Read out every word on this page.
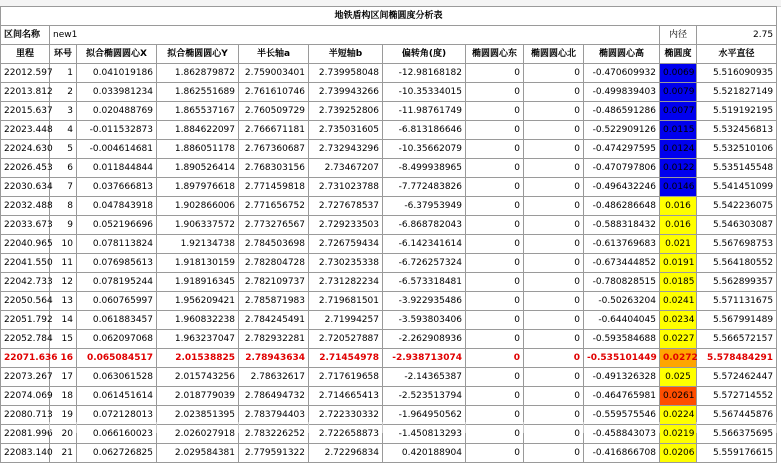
地铁盾构区间椭圆度分析表											
区间名称	new1									内径	2.75
里程	环号	拟合椭圆圆心X	拟合椭圆圆心Y	半长轴a	半短轴b	偏转角(度)	椭圆圆心东	椭圆圆心北	椭圆圆心高	椭圆度	水平直径
22012.597	1	0.041019186	1.862879872	2.759003401	2.739958048	-12.98168182	0	0	-0.470609932	0.0069	5.516090935
22013.812	2	0.033981234	1.862551689	2.761610746	2.739943266	-10.35334015	0	0	-0.499839403	0.0079	5.521827149
22015.637	3	0.020488769	1.865537167	2.760509729	2.739252806	-11.98761749	0	0	-0.486591286	0.0077	5.519192195
22023.448	4	-0.011532873	1.884622097	2.766671181	2.735031605	-6.813186646	0	0	-0.522909126	0.0115	5.532456813
22024.630	5	-0.004614681	1.886051178	2.767360687	2.732943296	-10.35662079	0	0	-0.474297595	0.0124	5.532510106
22026.453	6	0.011844844	1.890526414	2.768303156	2.73467207	-8.499938965	0	0	-0.470797806	0.0122	5.535145548
22030.634	7	0.037666813	1.897976618	2.771459818	2.731023788	-7.772483826	0	0	-0.496432246	0.0146	5.541451099
22032.488	8	0.047843918	1.902866006	2.771656752	2.727678537	-6.37953949	0	0	-0.486286648	0.016	5.542236075
22033.673	9	0.052196696	1.906337572	2.773276567	2.729233503	-6.868782043	0	0	-0.588318432	0.016	5.546303087
22040.965	10	0.078113824	1.92134738	2.784503698	2.726759434	-6.142341614	0	0	-0.613769683	0.021	5.567698753
22041.550	11	0.076985613	1.918130159	2.782804728	2.730235338	-6.726257324	0	0	-0.673444852	0.0191	5.564180552
22042.733	12	0.078195244	1.918916345	2.782109737	2.731282234	-6.573318481	0	0	-0.780828515	0.0185	5.562899357
22050.564	13	0.060765997	1.956209421	2.785871983	2.719681501	-3.922935486	0	0	-0.50263204	0.0241	5.571131675
22051.792	14	0.061883457	1.960832238	2.784245491	2.71994257	-3.593803406	0	0	-0.64404045	0.0234	5.567991489
22052.784	15	0.062097068	1.963237047	2.782932281	2.720527887	-2.262908936	0	0	-0.593584688	0.0227	5.566572157
22071.636	16	0.065084517	2.01538825	2.78943634	2.71454978	-2.938713074	0	0	-0.535101449	0.0272	5.578484291
22073.267	17	0.063061528	2.015743256	2.78632617	2.717619658	-2.14365387	0	0	-0.491326328	0.025	5.572462447
22074.069	18	0.061451614	2.018779039	2.786494732	2.714665413	-2.523513794	0	0	-0.464765981	0.0261	5.572714552
22080.713	19	0.072128013	2.023851395	2.783794403	2.722330332	-1.964950562	0	0	-0.559575546	0.0224	5.567445876
22081.996	20	0.066160023	2.026027918	2.783226252	2.722658873	-1.450813293	0	0	-0.458843073	0.0219	5.566375695
22083.140	21	0.062726825	2.029584381	2.779591322	2.72296834	0.420188904	0	0	-0.416866708	0.0206	5.559176615
